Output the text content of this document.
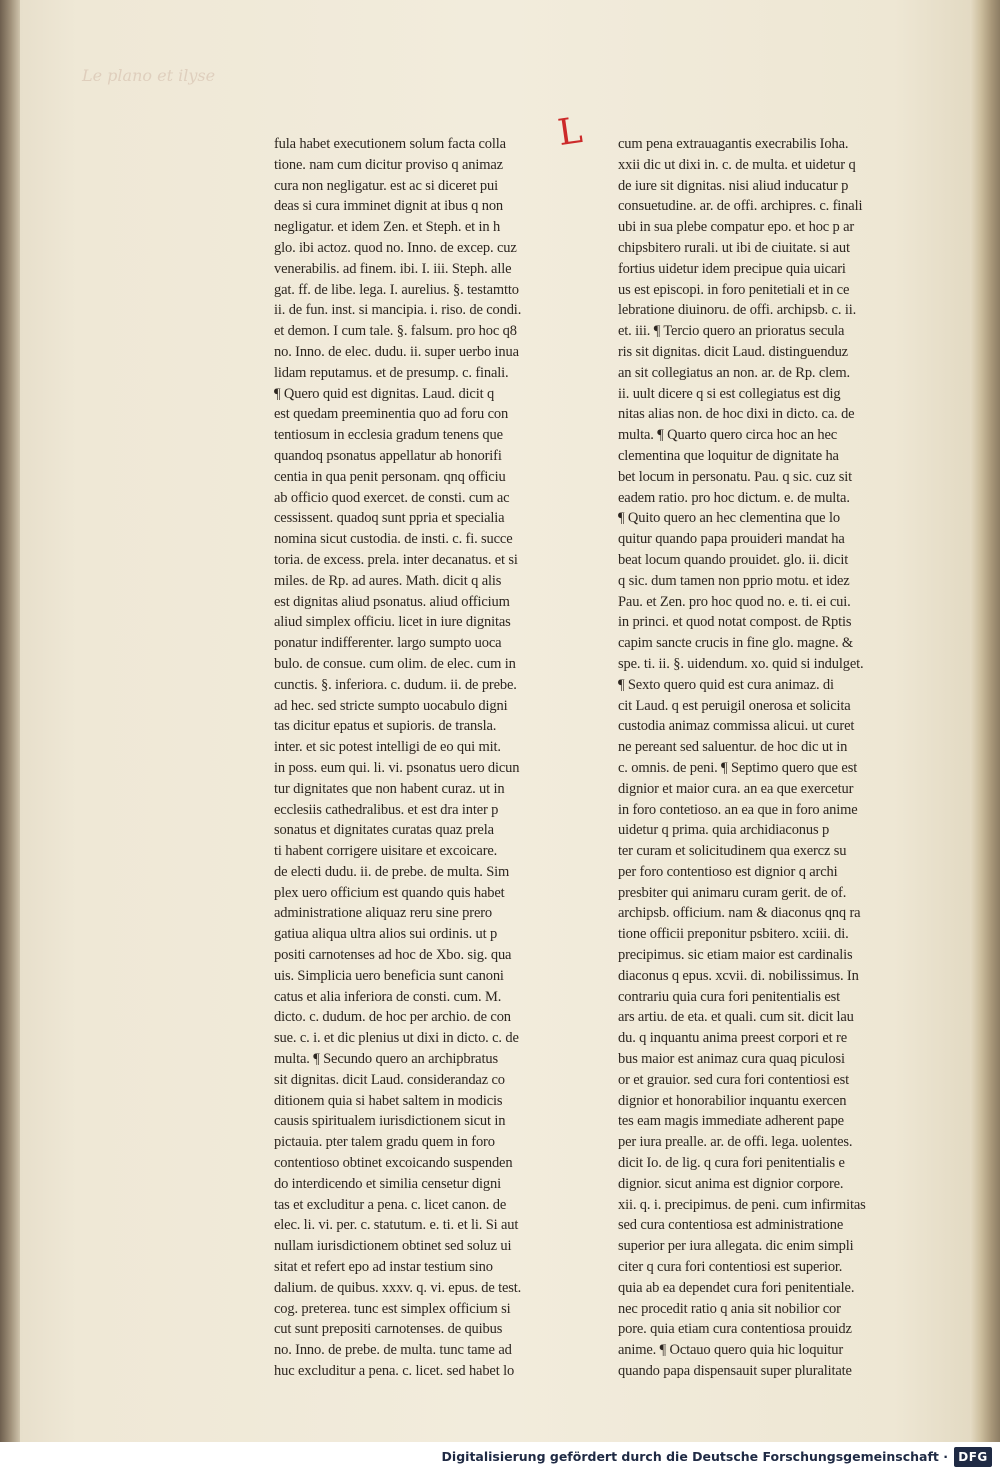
Le plano et ilyse
L
fula habet executionem solum facta colla
tione. nam cum dicitur proviso q animaz
cura non negligatur. est ac si diceret pui
deas si cura imminet dignit at ibus q non
negligatur. et idem Zen. et Steph. et in h
glo. ibi actoz. quod no. Inno. de excep. cuz
venerabilis. ad finem. ibi. I. iii. Steph. alle
gat. ff. de libe. lega. I. aurelius. §. testamtto
ii. de fun. inst. si mancipia. i. riso. de condi.
et demon. I cum tale. §. falsum. pro hoc q8
no. Inno. de elec. dudu. ii. super uerbo inua
lidam reputamus. et de presump. c. finali.
¶ Quero quid est dignitas. Laud. dicit q
est quedam preeminentia quo ad foru con
tentiosum in ecclesia gradum tenens que
quandoq psonatus appellatur ab honorifi
centia in qua penit personam. qnq officiu
ab officio quod exercet. de consti. cum ac
cessissent. quadoq sunt ppria et specialia
nomina sicut custodia. de insti. c. fi. succe
toria. de excess. prela. inter decanatus. et si
miles. de Rp. ad aures. Math. dicit q alis
est dignitas aliud psonatus. aliud officium
aliud simplex officiu. licet in iure dignitas
ponatur indifferenter. largo sumpto uoca
bulo. de consue. cum olim. de elec. cum in
cunctis. §. inferiora. c. dudum. ii. de prebe.
ad hec. sed stricte sumpto uocabulo digni
tas dicitur epatus et supioris. de transla.
inter. et sic potest intelligi de eo qui mit.
in poss. eum qui. li. vi. psonatus uero dicun
tur dignitates que non habent curaz. ut in
ecclesiis cathedralibus. et est dra inter p
sonatus et dignitates curatas quaz prela
ti habent corrigere uisitare et excoicare.
de electi dudu. ii. de prebe. de multa. Sim
plex uero officium est quando quis habet
administratione aliquaz reru sine prero
gatiua aliqua ultra alios sui ordinis. ut p
positi carnotenses ad hoc de Xbo. sig. qua
uis. Simplicia uero beneficia sunt canoni
catus et alia inferiora de consti. cum. M.
dicto. c. dudum. de hoc per archio. de con
sue. c. i. et dic plenius ut dixi in dicto. c. de
multa. ¶ Secundo quero an archipbratus
sit dignitas. dicit Laud. considerandaz co
ditionem quia si habet saltem in modicis
causis spiritualem iurisdictionem sicut in
pictauia. pter talem gradu quem in foro
contentioso obtinet excoicando suspenden
do interdicendo et similia censetur digni
tas et excluditur a pena. c. licet canon. de
elec. li. vi. per. c. statutum. e. ti. et li. Si aut
nullam iurisdictionem obtinet sed soluz ui
sitat et refert epo ad instar testium sino
dalium. de quibus. xxxv. q. vi. epus. de test.
cog. preterea. tunc est simplex officium si
cut sunt prepositi carnotenses. de quibus
no. Inno. de prebe. de multa. tunc tame ad
huc excluditur a pena. c. licet. sed habet lo
cum pena extrauagantis execrabilis Ioha.
xxii dic ut dixi in. c. de multa. et uidetur q
de iure sit dignitas. nisi aliud inducatur p
consuetudine. ar. de offi. archipres. c. finali
ubi in sua plebe compatur epo. et hoc p ar
chipsbitero rurali. ut ibi de ciuitate. si aut
fortius uidetur idem precipue quia uicari
us est episcopi. in foro penitetiali et in ce
lebratione diuinoru. de offi. archipsb. c. ii.
et. iii. ¶ Tercio quero an prioratus secula
ris sit dignitas. dicit Laud. distinguenduz
an sit collegiatus an non. ar. de Rp. clem.
ii. uult dicere q si est collegiatus est dig
nitas alias non. de hoc dixi in dicto. ca. de
multa. ¶ Quarto quero circa hoc an hec
clementina que loquitur de dignitate ha
bet locum in personatu. Pau. q sic. cuz sit
eadem ratio. pro hoc dictum. e. de multa.
¶ Quito quero an hec clementina que lo
quitur quando papa prouideri mandat ha
beat locum quando prouidet. glo. ii. dicit
q sic. dum tamen non pprio motu. et idez
Pau. et Zen. pro hoc quod no. e. ti. ei cui.
in princi. et quod notat compost. de Rptis
capim sancte crucis in fine glo. magne. &
spe. ti. ii. §. uidendum. xo. quid si indulget.
¶ Sexto quero quid est cura animaz. di
cit Laud. q est peruigil onerosa et solicita
custodia animaz commissa alicui. ut curet
ne pereant sed saluentur. de hoc dic ut in
c. omnis. de peni. ¶ Septimo quero que est
dignior et maior cura. an ea que exercetur
in foro contetioso. an ea que in foro anime
uidetur q prima. quia archidiaconus p
ter curam et solicitudinem qua exercz su
per foro contentioso est dignior q archi
presbiter qui animaru curam gerit. de of.
archipsb. officium. nam & diaconus qnq ra
tione officii preponitur psbitero. xciii. di.
precipimus. sic etiam maior est cardinalis
diaconus q epus. xcvii. di. nobilissimus. In
contrariu quia cura fori penitentialis est
ars artiu. de eta. et quali. cum sit. dicit lau
du. q inquantu anima preest corpori et re
bus maior est animaz cura quaq piculosi
or et grauior. sed cura fori contentiosi est
dignior et honorabilior inquantu exercen
tes eam magis immediate adherent pape
per iura prealle. ar. de offi. lega. uolentes.
dicit Io. de lig. q cura fori penitentialis e
dignior. sicut anima est dignior corpore.
xii. q. i. precipimus. de peni. cum infirmitas
sed cura contentiosa est administratione
superior per iura allegata. dic enim simpli
citer q cura fori contentiosi est superior.
quia ab ea dependet cura fori penitentiale.
nec procedit ratio q ania sit nobilior cor
pore. quia etiam cura contentiosa prouidz
anime. ¶ Octauo quero quia hic loquitur
quando papa dispensauit super pluralitate
Digitalisierung gefördert durch die Deutsche Forschungsgemeinschaft · DFG
